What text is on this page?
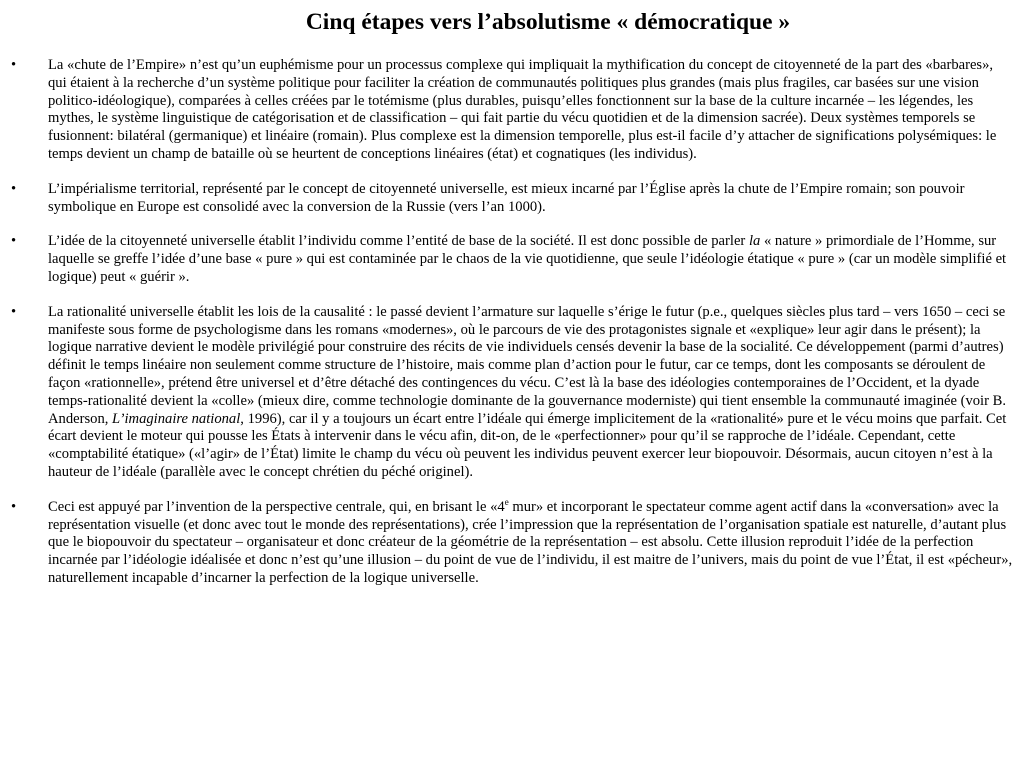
Cinq étapes vers l’absolutisme « démocratique »
• La «chute de l’Empire» n’est qu’un euphémisme pour un processus complexe qui impliquait la mythification du concept de citoyenneté de la part des «barbares», qui étaient à la recherche d’un système politique pour faciliter la création de communautés politiques plus grandes (mais plus fragiles, car basées sur une vision politico-idéologique), comparées à celles créées par le totémisme (plus durables, puisqu’elles fonctionnent sur la base de la culture incarnée – les légendes, les mythes, le système linguistique de catégorisation et de classification – qui fait partie du vécu quotidien et de la dimension sacrée). Deux systèmes temporels se fusionnent: bilatéral (germanique) et linéaire (romain). Plus complexe est la dimension temporelle, plus est-il facile d’y attacher de significations polysémiques: le temps devient un champ de bataille où se heurtent de conceptions linéaires (état) et cognatiques (les individus).
• L’impérialisme territorial, représenté par le concept de citoyenneté universelle, est mieux incarné par l’Église après la chute de l’Empire romain; son pouvoir symbolique en Europe est consolidé avec la conversion de la Russie (vers l’an 1000).
• L’idée de la citoyenneté universelle établit l’individu comme l’entité de base de la société. Il est donc possible de parler la « nature » primordiale de l’Homme, sur laquelle se greffe l’idée d’une base « pure » qui est contaminée par le chaos de la vie quotidienne, que seule l’idéologie étatique « pure » (car un modèle simplifié et logique) peut « guérir ».
• La rationalité universelle établit les lois de la causalité : le passé devient l’armature sur laquelle s’érige le futur (p.e., quelques siècles plus tard – vers 1650 – ceci se manifeste sous forme de psychologisme dans les romans «modernes», où le parcours de vie des protagonistes signale et «explique» leur agir dans le présent); la logique narrative devient le modèle privilégié pour construire des récits de vie individuels censés devenir la base de la socialité. Ce développement (parmi d’autres) définit le temps linéaire non seulement comme structure de l’histoire, mais comme plan d’action pour le futur, car ce temps, dont les composants se déroulent de façon «rationnelle», prétend être universel et d’être détaché des contingences du vécu. C’est là la base des idéologies contemporaines de l’Occident, et la dyade temps-rationalité devient la «colle» (mieux dire, comme technologie dominante de la gouvernance moderniste) qui tient ensemble la communauté imaginée (voir B. Anderson, L’imaginaire national, 1996), car il y a toujours un écart entre l’idéale qui émerge implicitement de la «rationalité» pure et le vécu moins que parfait. Cet écart devient le moteur qui pousse les États à intervenir dans le vécu afin, dit-on, de le «perfectionner» pour qu’il se rapproche de l’idéale. Cependant, cette «comptabilité étatique» («l’agir» de l’État) limite le champ du vécu où peuvent les individus peuvent exercer leur biopouvoir. Désormais, aucun citoyen n’est à la hauteur de l’idéale (parallèle avec le concept chrétien du péché originel).
• Ceci est appuyé par l’invention de la perspective centrale, qui, en brisant le «4e mur» et incorporant le spectateur comme agent actif dans la «conversation» avec la représentation visuelle (et donc avec tout le monde des représentations), crée l’impression que la représentation de l’organisation spatiale est naturelle, d’autant plus que le biopouvoir du spectateur – organisateur et donc créateur de la géométrie de la représentation – est absolu. Cette illusion reproduit l’idée de la perfection incarnée par l’idéologie idéalisée et donc n’est qu’une illusion – du point de vue de l’individu, il est maitre de l’univers, mais du point de vue l’État, il est «pécheur», naturellement incapable d’incarner la perfection de la logique universelle.
